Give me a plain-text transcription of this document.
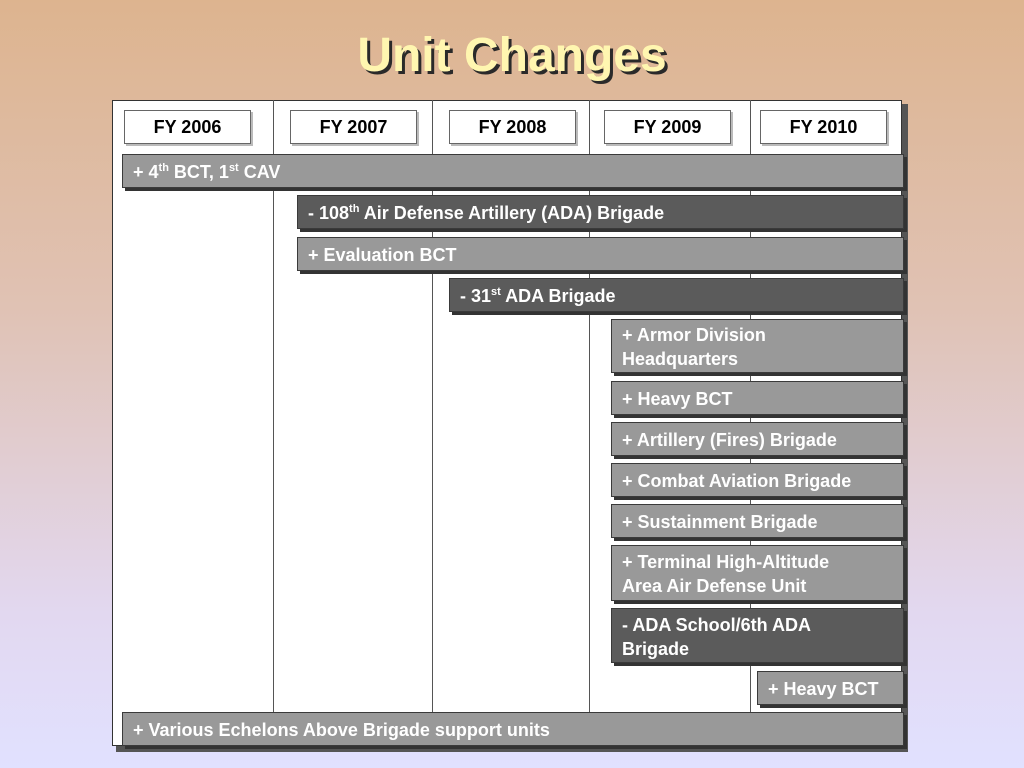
Unit Changes
FY 2006	FY 2007	FY 2008	FY 2009	FY 2010
+ 4th BCT, 1st CAV
- 108th Air Defense Artillery (ADA) Brigade
+ Evaluation BCT
- 31st ADA Brigade
+ Armor Division
Headquarters
+ Heavy BCT
+ Artillery (Fires) Brigade
+ Combat Aviation Brigade
+ Sustainment Brigade
+ Terminal High-Altitude
Area Air Defense Unit
- ADA School/6th ADA
Brigade
+ Heavy BCT
+ Various Echelons Above Brigade support units
